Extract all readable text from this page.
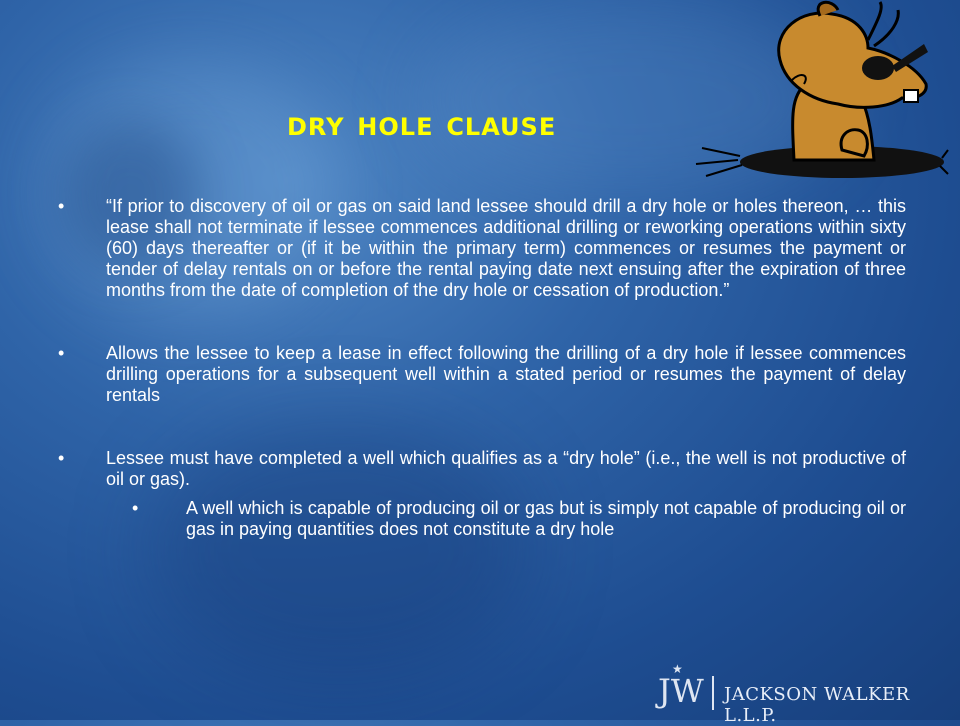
dry hole clause

• “If prior to discovery of oil or gas on said land lessee should drill a dry hole or holes thereon, … this lease shall not terminate if lessee commences additional drilling or reworking operations within sixty (60) days thereafter or (if it be within the primary term) commences or resumes the payment or tender of delay rentals on or before the rental paying date next ensuing after the expiration of three months from the date of completion of the dry hole or cessation of production.”

• Allows the lessee to keep a lease in effect following the drilling of a dry hole if lessee commences drilling operations for a subsequent well within a stated period or resumes the payment of delay rentals

• Lessee must have completed a well which qualifies as a “dry hole” (i.e., the well is not productive of oil or gas).

•	A well which is capable of producing oil or gas but is simply not capable of producing oil or gas in paying quantities does not constitute a dry hole

★
JW JACKSON WALKER L.L.P.
